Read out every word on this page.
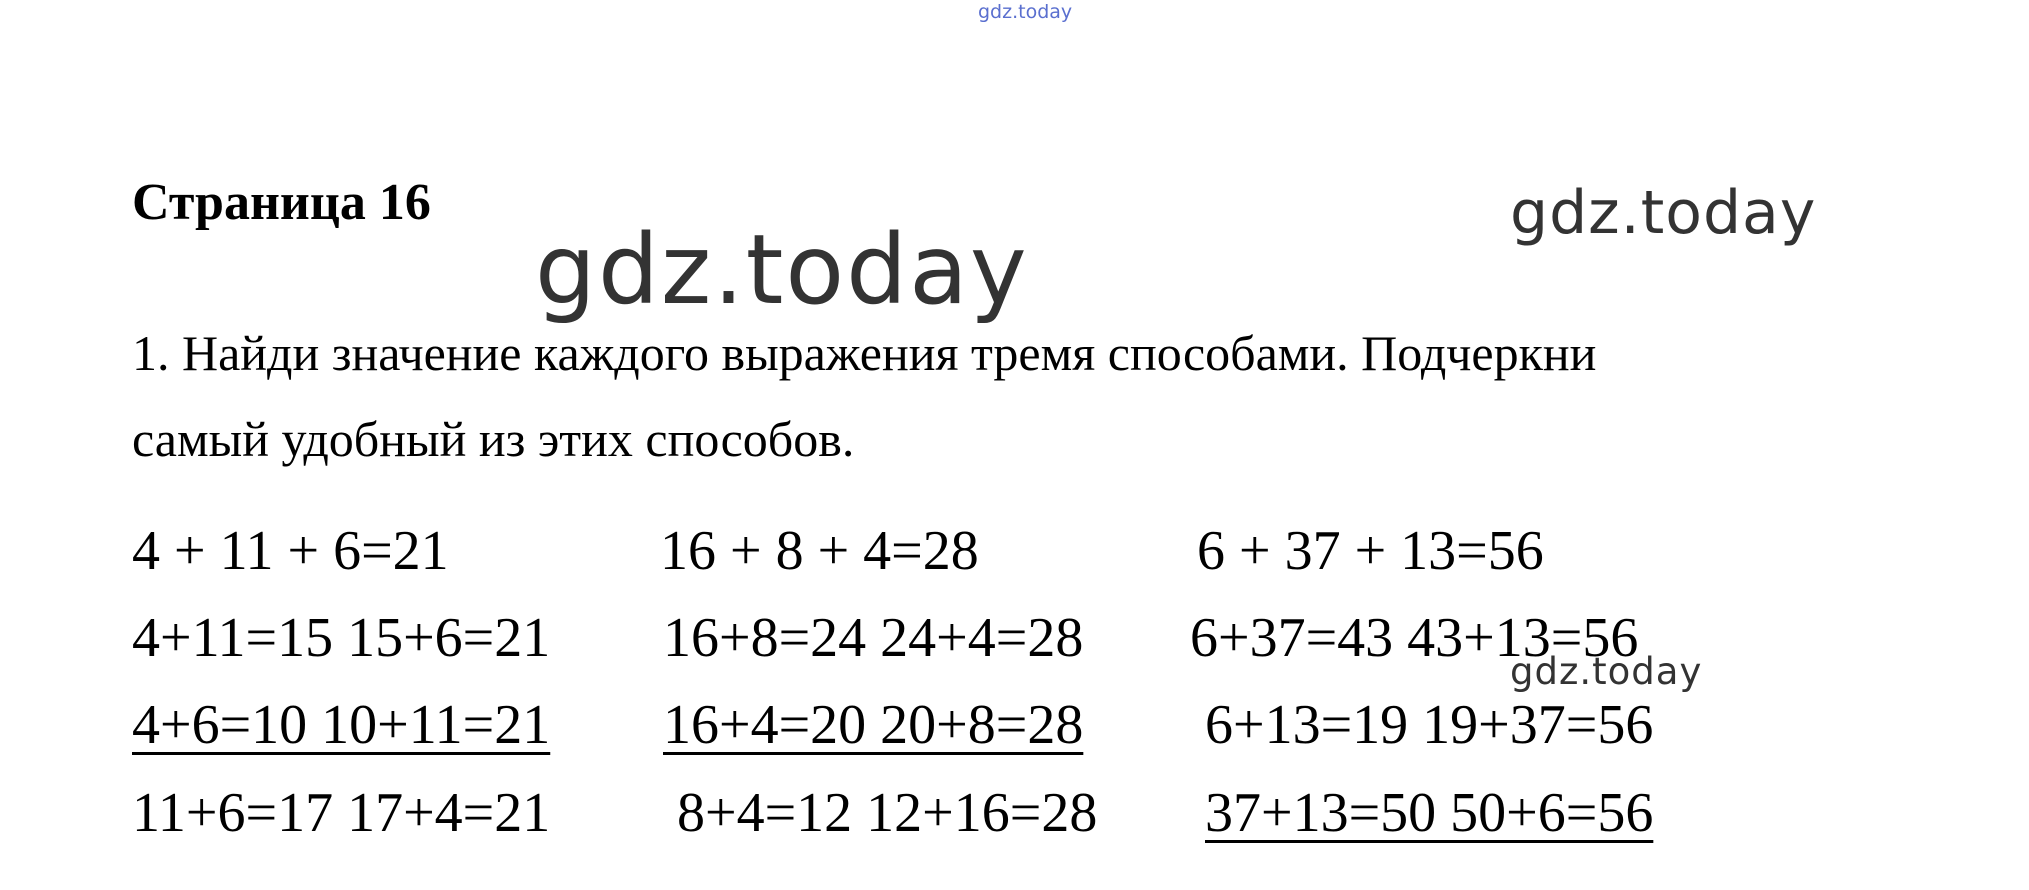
gdz.today
Страница 16
gdz.today
gdz.today
1. Найди значение каждого выражения тремя способами. Подчеркни
самый удобный из этих способов.
4 + 11 + 6=21
4+11=15 15+6=21
4+6=10 10+11=21
11+6=17 17+4=21
16 + 8 + 4=28
16+8=24 24+4=28
16+4=20 20+8=28
8+4=12 12+16=28
6 + 37 + 13=56
6+37=43 43+13=56
6+13=19 19+37=56
37+13=50 50+6=56
gdz.today
